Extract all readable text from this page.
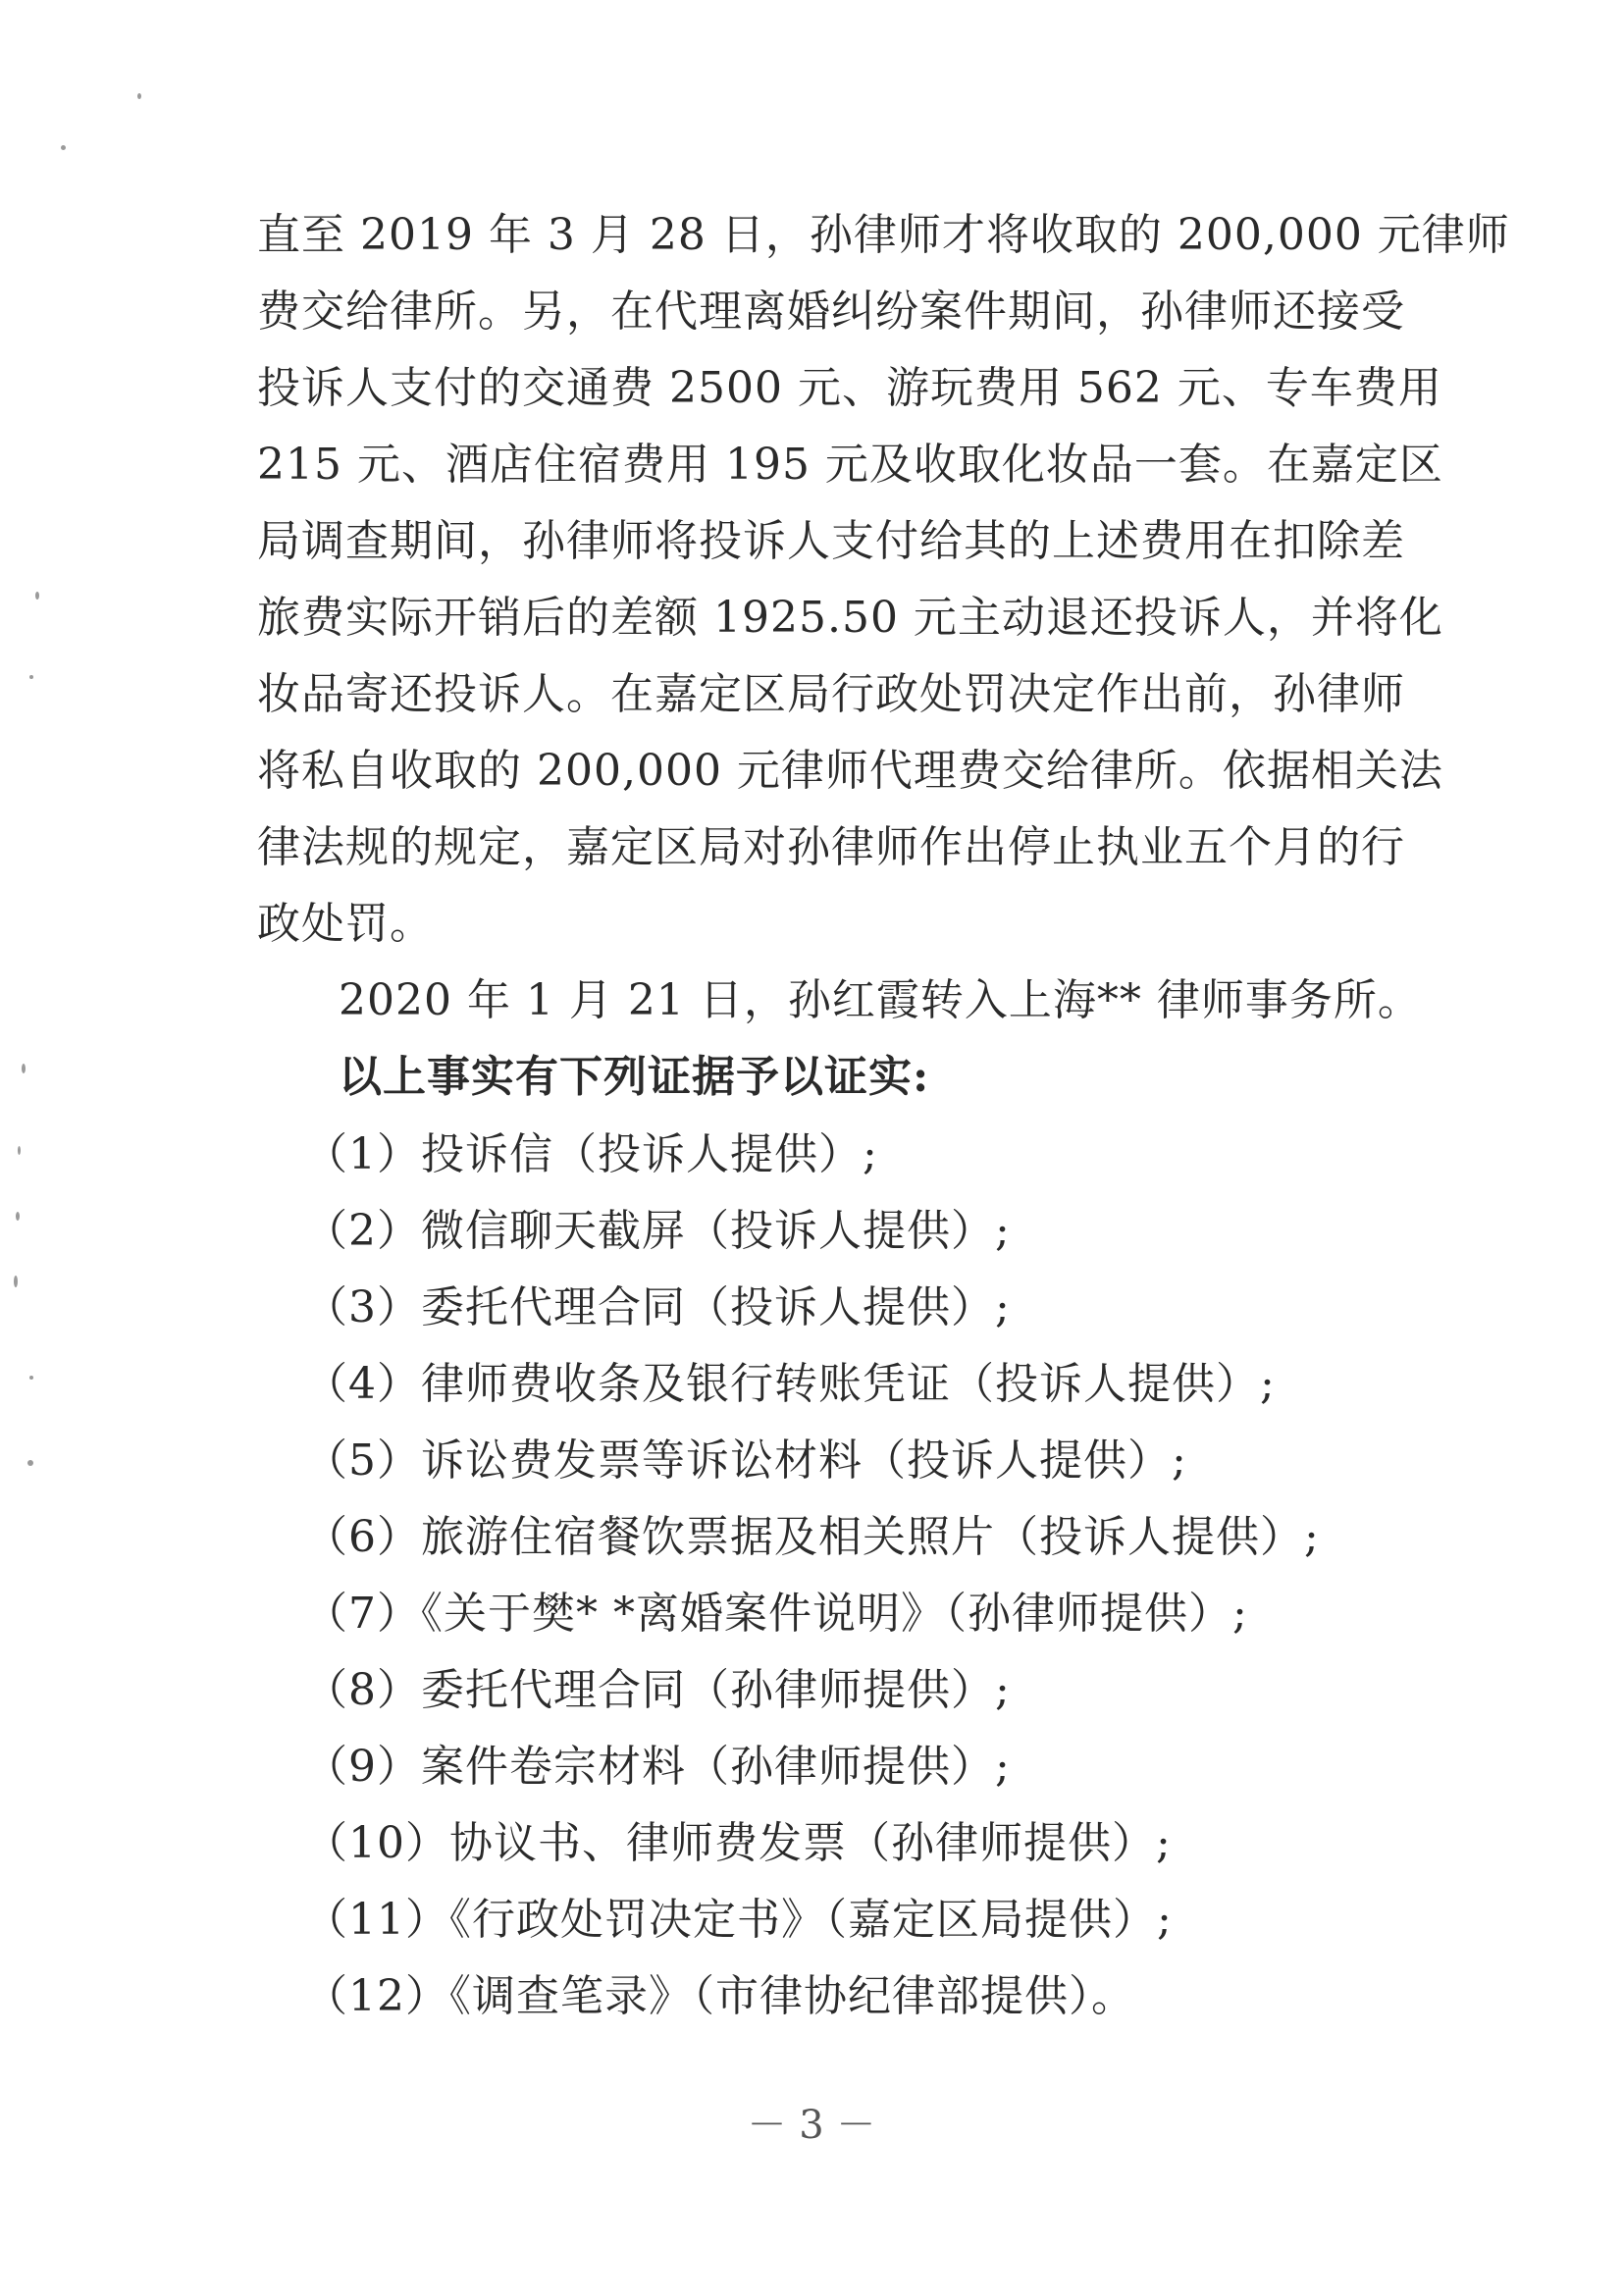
直至 2019 年 3 月 28 日，孙律师才将收取的 200,000 元律师

费交给律所。另，在代理离婚纠纷案件期间，孙律师还接受

投诉人支付的交通费 2500 元、游玩费用 562 元、专车费用

215 元、酒店住宿费用 195 元及收取化妆品一套。在嘉定区

局调查期间，孙律师将投诉人支付给其的上述费用在扣除差

旅费实际开销后的差额 1925.50 元主动退还投诉人，并将化

妆品寄还投诉人。在嘉定区局行政处罚决定作出前，孙律师

将私自收取的 200,000 元律师代理费交给律所。依据相关法

律法规的规定，嘉定区局对孙律师作出停止执业五个月的行

政处罚。

2020 年 1 月 21 日，孙红霞转入上海** 律师事务所。

以上事实有下列证据予以证实:

（1）投诉信（投诉人提供）;

（2）微信聊天截屏（投诉人提供）;

（3）委托代理合同（投诉人提供）;

（4）律师费收条及银行转账凭证（投诉人提供）;

（5）诉讼费发票等诉讼材料（投诉人提供）;

（6）旅游住宿餐饮票据及相关照片（投诉人提供）;

（7）《关于樊* *离婚案件说明》（孙律师提供）;

（8）委托代理合同（孙律师提供）;

（9）案件卷宗材料（孙律师提供）;

（10）协议书、律师费发票（孙律师提供）;

（11）《行政处罚决定书》（嘉定区局提供）;

（12）《调查笔录》（市律协纪律部提供）。

－ 3 －
